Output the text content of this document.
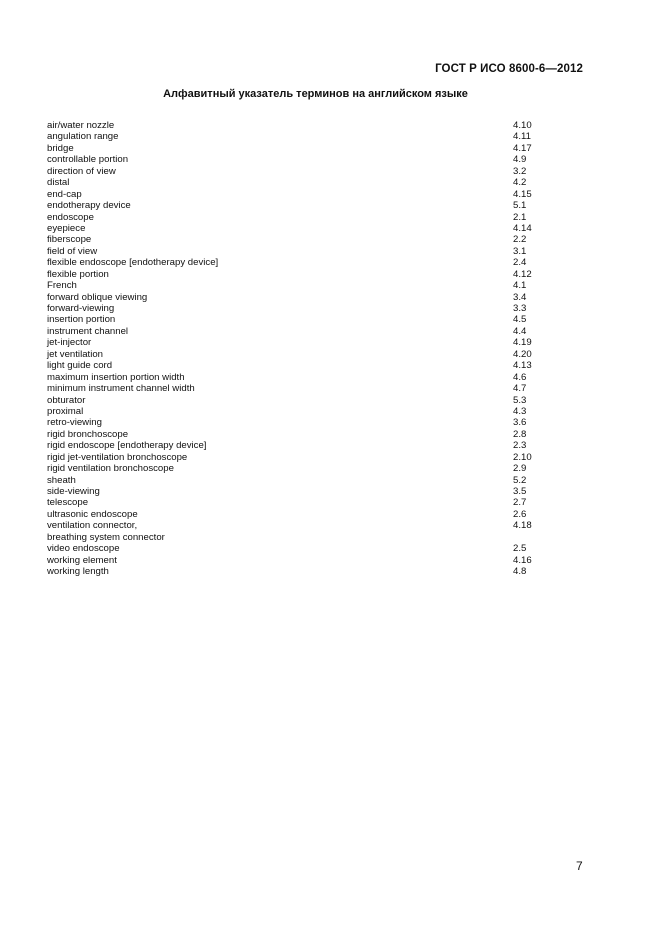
ГОСТ Р ИСО 8600-6—2012
Алфавитный указатель терминов на английском языке
air/water nozzle	4.10
angulation range	4.11
bridge	4.17
controllable portion	4.9
direction of view	3.2
distal	4.2
end-cap	4.15
endotherapy device	5.1
endoscope	2.1
eyepiece	4.14
fiberscope	2.2
field of view	3.1
flexible endoscope [endotherapy device]	2.4
flexible portion	4.12
French	4.1
forward oblique viewing	3.4
forward-viewing	3.3
insertion portion	4.5
instrument channel	4.4
jet-injector	4.19
jet ventilation	4.20
light guide cord	4.13
maximum insertion portion width	4.6
minimum instrument channel width	4.7
obturator	5.3
proximal	4.3
retro-viewing	3.6
rigid bronchoscope	2.8
rigid endoscope [endotherapy device]	2.3
rigid jet-ventilation bronchoscope	2.10
rigid ventilation bronchoscope	2.9
sheath	5.2
side-viewing	3.5
telescope	2.7
ultrasonic endoscope	2.6
ventilation connector,
breathing system connector
4.18
video endoscope	2.5
working element	4.16
working length	4.8
7
